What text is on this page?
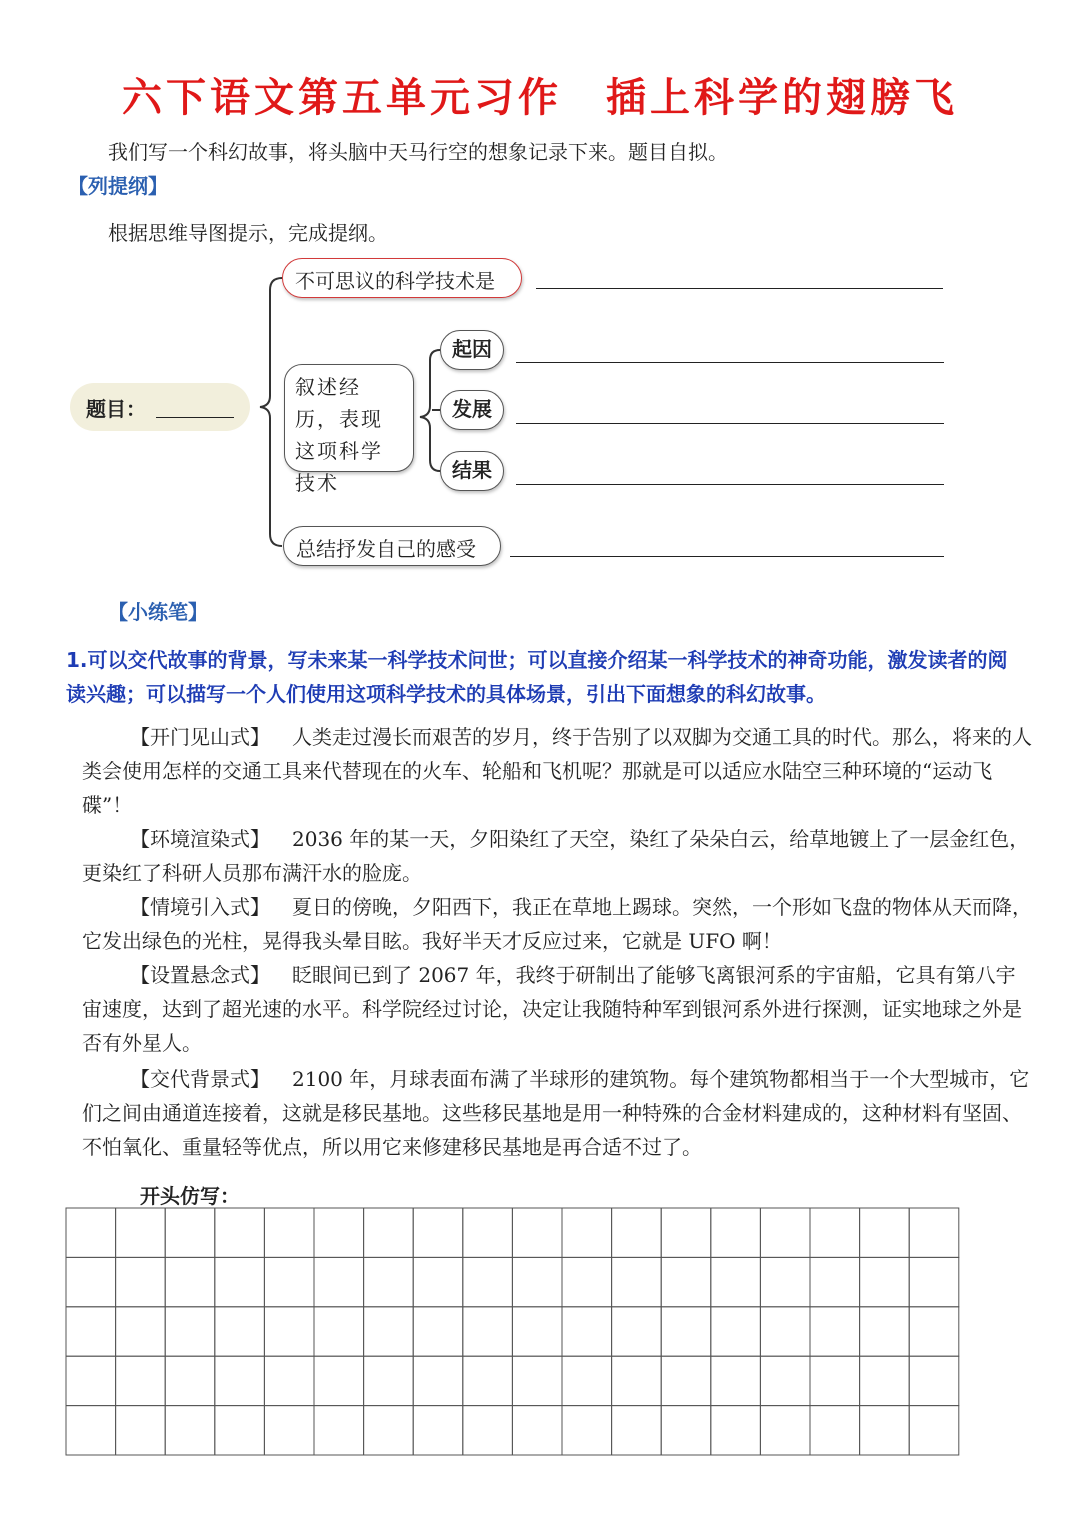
六下语文第五单元习作　插上科学的翅膀飞
我们写一个科幻故事，将头脑中天马行空的想象记录下来。题目自拟。
【列提纲】
根据思维导图提示，完成提纲。
题目：
不可思议的科学技术是
叙述经历，表现这项科学技术
起因
发展
结果
总结抒发自己的感受
【小练笔】
1.可以交代故事的背景，写未来某一科学技术问世；可以直接介绍某一科学技术的神奇功能，激发读者的阅读兴趣；可以描写一个人们使用这项科学技术的具体场景，引出下面想象的科幻故事。
【开门见山式】 人类走过漫长而艰苦的岁月，终于告别了以双脚为交通工具的时代。那么，将来的人类会使用怎样的交通工具来代替现在的火车、轮船和飞机呢？那就是可以适应水陆空三种环境的“运动飞碟”！
【环境渲染式】 2036 年的某一天，夕阳染红了天空，染红了朵朵白云，给草地镀上了一层金红色，更染红了科研人员那布满汗水的脸庞。
【情境引入式】 夏日的傍晚，夕阳西下，我正在草地上踢球。突然，一个形如飞盘的物体从天而降，它发出绿色的光柱，晃得我头晕目眩。我好半天才反应过来，它就是 UFO 啊！
【设置悬念式】 眨眼间已到了 2067 年，我终于研制出了能够飞离银河系的宇宙船，它具有第八宇宙速度，达到了超光速的水平。科学院经过讨论，决定让我随特种军到银河系外进行探测，证实地球之外是否有外星人。
【交代背景式】 2100 年，月球表面布满了半球形的建筑物。每个建筑物都相当于一个大型城市，它们之间由通道连接着，这就是移民基地。这些移民基地是用一种特殊的合金材料建成的，这种材料有坚固、不怕氧化、重量轻等优点，所以用它来修建移民基地是再合适不过了。
开头仿写：
